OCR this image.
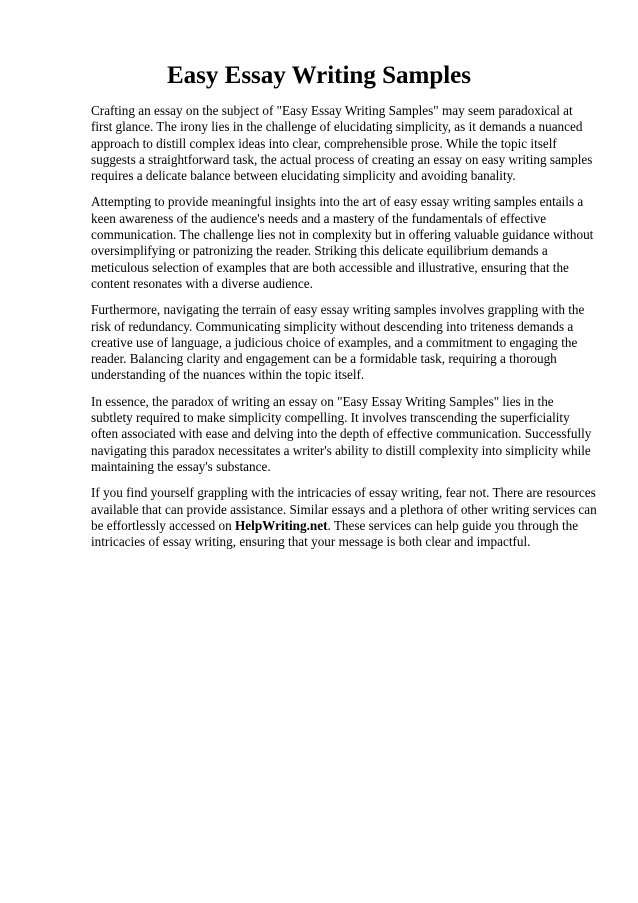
Easy Essay Writing Samples

Crafting an essay on the subject of "Easy Essay Writing Samples" may seem paradoxical at first glance. The irony lies in the challenge of elucidating simplicity, as it demands a nuanced approach to distill complex ideas into clear, comprehensible prose. While the topic itself suggests a straightforward task, the actual process of creating an essay on easy writing samples requires a delicate balance between elucidating simplicity and avoiding banality.

Attempting to provide meaningful insights into the art of easy essay writing samples entails a keen awareness of the audience's needs and a mastery of the fundamentals of effective communication. The challenge lies not in complexity but in offering valuable guidance without oversimplifying or patronizing the reader. Striking this delicate equilibrium demands a meticulous selection of examples that are both accessible and illustrative, ensuring that the content resonates with a diverse audience.

Furthermore, navigating the terrain of easy essay writing samples involves grappling with the risk of redundancy. Communicating simplicity without descending into triteness demands a creative use of language, a judicious choice of examples, and a commitment to engaging the reader. Balancing clarity and engagement can be a formidable task, requiring a thorough understanding of the nuances within the topic itself.

In essence, the paradox of writing an essay on "Easy Essay Writing Samples" lies in the subtlety required to make simplicity compelling. It involves transcending the superficiality often associated with ease and delving into the depth of effective communication. Successfully navigating this paradox necessitates a writer's ability to distill complexity into simplicity while maintaining the essay's substance.

If you find yourself grappling with the intricacies of essay writing, fear not. There are resources available that can provide assistance. Similar essays and a plethora of other writing services can be effortlessly accessed on HelpWriting.net. These services can help guide you through the intricacies of essay writing, ensuring that your message is both clear and impactful.
